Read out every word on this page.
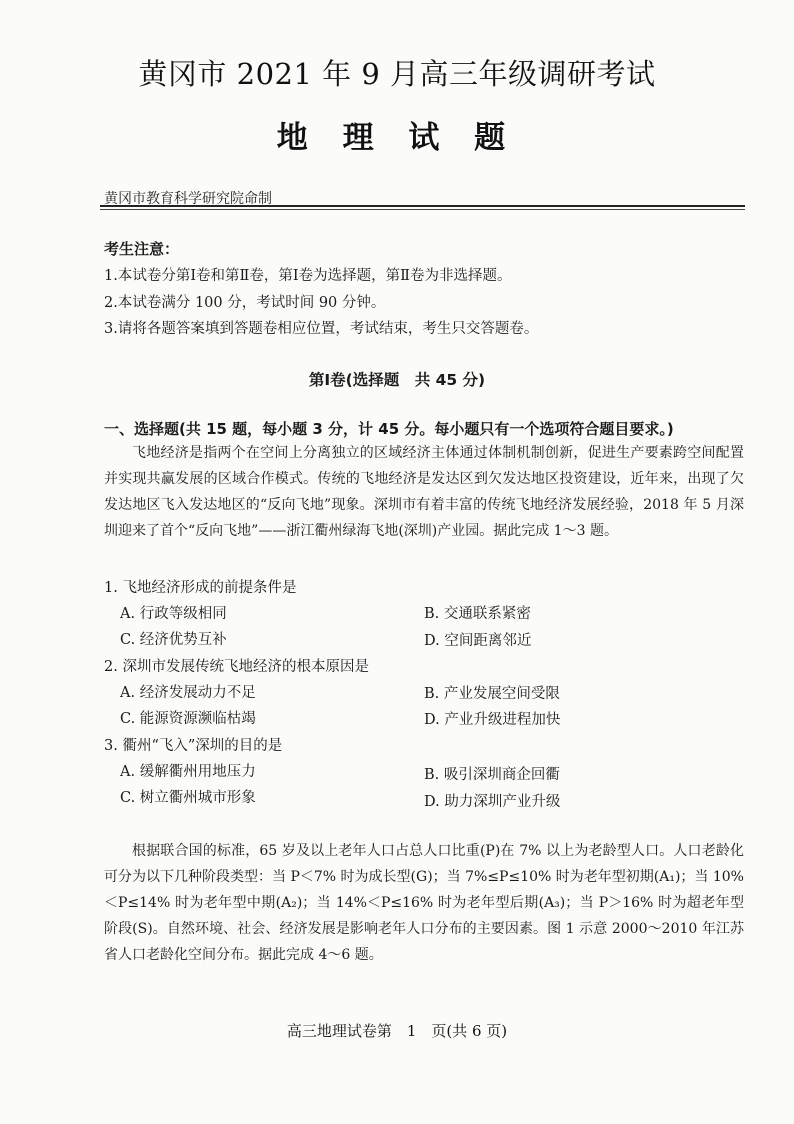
黄冈市 2021 年 9 月高三年级调研考试
地 理 试 题
黄冈市教育科学研究院命制
考生注意：
1.本试卷分第Ⅰ卷和第Ⅱ卷，第Ⅰ卷为选择题，第Ⅱ卷为非选择题。
2.本试卷满分 100 分，考试时间 90 分钟。
3.请将各题答案填到答题卷相应位置，考试结束，考生只交答题卷。
第Ⅰ卷(选择题　共 45 分)
一、选择题(共 15 题，每小题 3 分，计 45 分。每小题只有一个选项符合题目要求。)
飞地经济是指两个在空间上分离独立的区域经济主体通过体制机制创新，促进生产要素跨空间配置并实现共赢发展的区域合作模式。传统的飞地经济是发达区到欠发达地区投资建设，近年来，出现了欠发达地区飞入发达地区的“反向飞地”现象。深圳市有着丰富的传统飞地经济发展经验，2018 年 5 月深圳迎来了首个“反向飞地”——浙江衢州绿海飞地(深圳)产业园。据此完成 1～3 题。
1. 飞地经济形成的前提条件是
A. 行政等级相同	B. 交通联系紧密
C. 经济优势互补	D. 空间距离邻近
2. 深圳市发展传统飞地经济的根本原因是
A. 经济发展动力不足	B. 产业发展空间受限
C. 能源资源濒临枯竭	D. 产业升级进程加快
3. 衢州“飞入”深圳的目的是
A. 缓解衢州用地压力	B. 吸引深圳商企回衢
C. 树立衢州城市形象	D. 助力深圳产业升级
根据联合国的标准，65 岁及以上老年人口占总人口比重(P)在 7% 以上为老龄型人口。人口老龄化可分为以下几种阶段类型：当 P＜7% 时为成长型(G)；当 7%≤P≤10% 时为老年型初期(A₁)；当 10%＜P≤14% 时为老年型中期(A₂)；当 14%＜P≤16% 时为老年型后期(A₃)；当 P＞16% 时为超老年型阶段(S)。自然环境、社会、经济发展是影响老年人口分布的主要因素。图 1 示意 2000～2010 年江苏省人口老龄化空间分布。据此完成 4～6 题。
高三地理试卷第　1　页(共 6 页)
